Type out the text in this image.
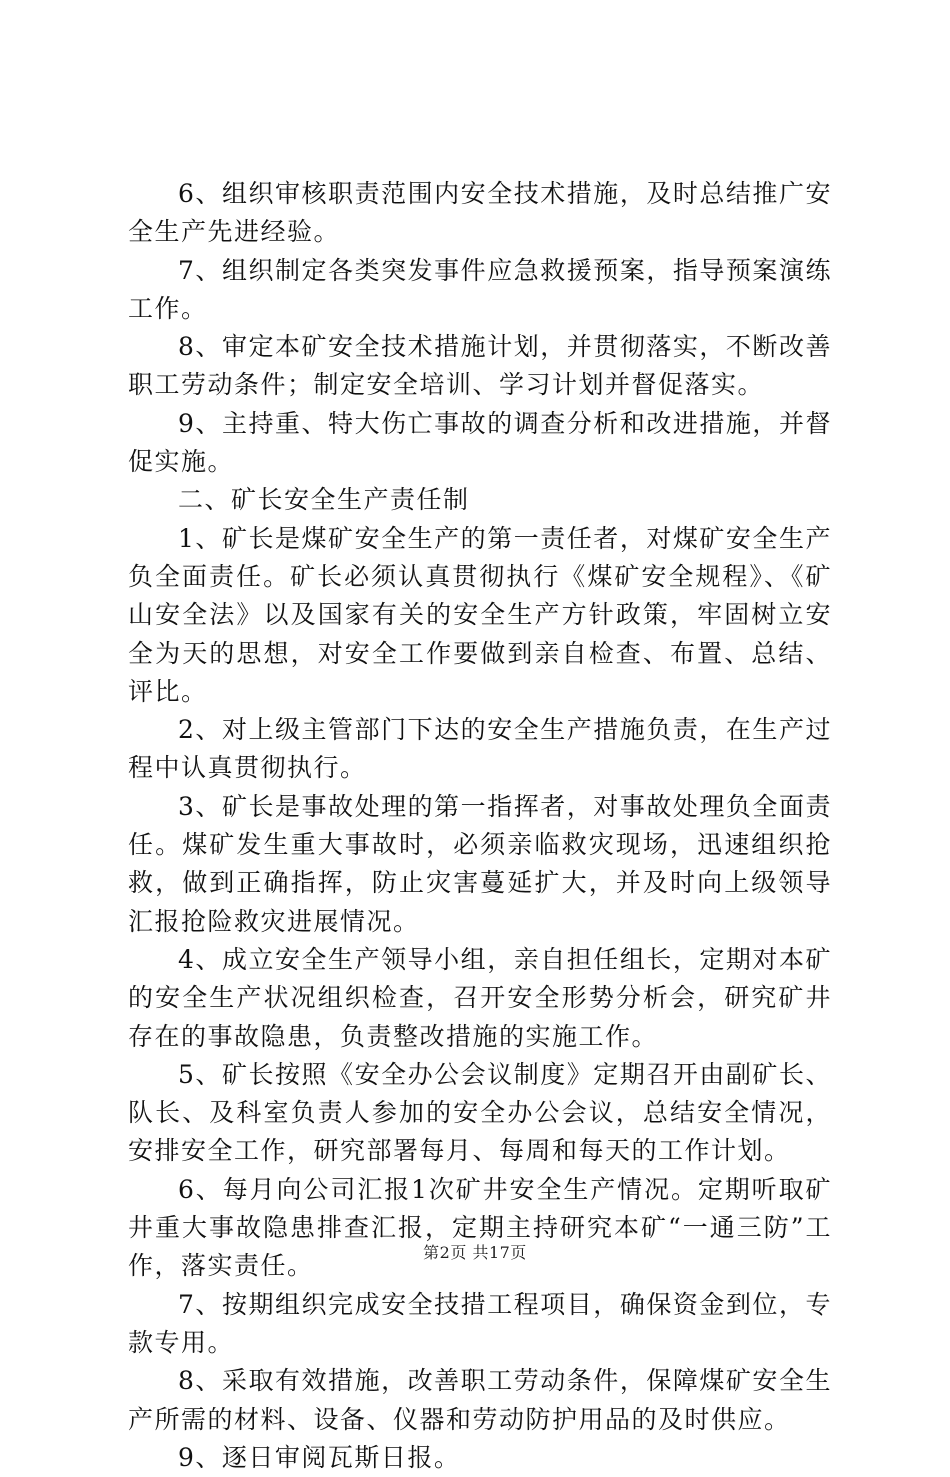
6、组织审核职责范围内安全技术措施，及时总结推广安全生产先进经验。

7、组织制定各类突发事件应急救援预案，指导预案演练工作。

8、审定本矿安全技术措施计划，并贯彻落实，不断改善职工劳动条件；制定安全培训、学习计划并督促落实。

9、主持重、特大伤亡事故的调查分析和改进措施，并督促实施。

二、矿长安全生产责任制

1、矿长是煤矿安全生产的第一责任者，对煤矿安全生产负全面责任。矿长必须认真贯彻执行《煤矿安全规程》、《矿山安全法》以及国家有关的安全生产方针政策，牢固树立安全为天的思想，对安全工作要做到亲自检查、布置、总结、评比。

2、对上级主管部门下达的安全生产措施负责，在生产过程中认真贯彻执行。

3、矿长是事故处理的第一指挥者，对事故处理负全面责任。煤矿发生重大事故时，必须亲临救灾现场，迅速组织抢救，做到正确指挥，防止灾害蔓延扩大，并及时向上级领导汇报抢险救灾进展情况。

4、成立安全生产领导小组，亲自担任组长，定期对本矿的安全生产状况组织检查，召开安全形势分析会，研究矿井存在的事故隐患，负责整改措施的实施工作。

5、矿长按照《安全办公会议制度》定期召开由副矿长、队长、及科室负责人参加的安全办公会议，总结安全情况，安排安全工作，研究部署每月、每周和每天的工作计划。

6、每月向公司汇报1次矿井安全生产情况。定期听取矿井重大事故隐患排查汇报，定期主持研究本矿“一通三防”工作，落实责任。

7、按期组织完成安全技措工程项目，确保资金到位，专款专用。

8、采取有效措施，改善职工劳动条件，保障煤矿安全生产所需的材料、设备、仪器和劳动防护用品的及时供应。

9、逐日审阅瓦斯日报。

第2页 共17页
